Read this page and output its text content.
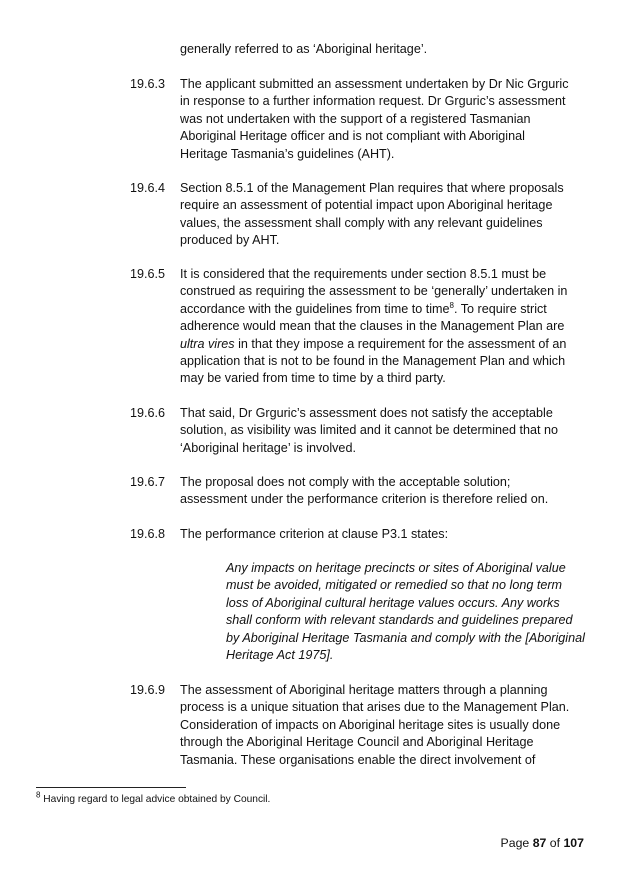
generally referred to as ‘Aboriginal heritage’.
19.6.3 The applicant submitted an assessment undertaken by Dr Nic Grguric in response to a further information request. Dr Grguric’s assessment was not undertaken with the support of a registered Tasmanian Aboriginal Heritage officer and is not compliant with Aboriginal Heritage Tasmania’s guidelines (AHT).
19.6.4 Section 8.5.1 of the Management Plan requires that where proposals require an assessment of potential impact upon Aboriginal heritage values, the assessment shall comply with any relevant guidelines produced by AHT.
19.6.5 It is considered that the requirements under section 8.5.1 must be construed as requiring the assessment to be ‘generally’ undertaken in accordance with the guidelines from time to time$^8$. To require strict adherence would mean that the clauses in the Management Plan are ultra vires in that they impose a requirement for the assessment of an application that is not to be found in the Management Plan and which may be varied from time to time by a third party.
19.6.6 That said, Dr Grguric’s assessment does not satisfy the acceptable solution, as visibility was limited and it cannot be determined that no ‘Aboriginal heritage’ is involved.
19.6.7 The proposal does not comply with the acceptable solution; assessment under the performance criterion is therefore relied on.
19.6.8 The performance criterion at clause P3.1 states:
Any impacts on heritage precincts or sites of Aboriginal value must be avoided, mitigated or remedied so that no long term loss of Aboriginal cultural heritage values occurs. Any works shall conform with relevant standards and guidelines prepared by Aboriginal Heritage Tasmania and comply with the [Aboriginal Heritage Act 1975].
19.6.9 The assessment of Aboriginal heritage matters through a planning process is a unique situation that arises due to the Management Plan. Consideration of impacts on Aboriginal heritage sites is usually done through the Aboriginal Heritage Council and Aboriginal Heritage Tasmania. These organisations enable the direct involvement of
$^8$ Having regard to legal advice obtained by Council.
Page 87 of 107
